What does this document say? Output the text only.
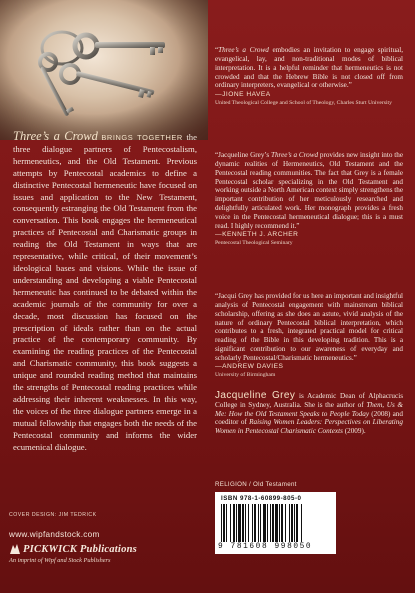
Three’s a Crowd BRINGS TOGETHER the three dialogue partners of Pentecostalism, hermeneutics, and the Old Testament. Previous attempts by Pentecostal academics to define a distinctive Pentecostal hermeneutic have focused on issues and application to the New Testament, consequently estranging the Old Testament from the conversation. This book engages the hermeneutical practices of Pentecostal and Charismatic groups in reading the Old Testament in ways that are representative, while critical, of their movement’s ideological bases and visions. While the issue of understanding and developing a viable Pentecostal hermeneutic has continued to be debated within the academic journals of the community for over a decade, most discussion has focused on the prescription of ideals rather than on the actual practice of the contemporary community. By examining the reading practices of the Pentecostal and Charismatic community, this book suggests a unique and rounded reading method that maintains the strengths of Pentecostal reading practices while addressing their inherent weaknesses. In this way, the voices of the three dialogue partners emerge in a mutual fellowship that engages both the needs of the Pentecostal community and informs the wider ecumenical dialogue.
COVER DESIGN: JIM TEDRICK
www.wipfandstock.com
PICKWICK Publications
An imprint of Wipf and Stock Publishers

“Three’s a Crowd embodies an invitation to engage spiritual, evangelical, lay, and non-traditional modes of biblical interpretation. It is a helpful reminder that hermeneutics is not crowded and that the Hebrew Bible is not closed off from ordinary interpreters, evangelical or otherwise.”

—JIONE HAVEA
United Theological College and School of Theology, Charles Sturt University

“Jacqueline Grey’s Three’s a Crowd provides new insight into the dynamic realities of Hermeneutics, Old Testament and the Pentecostal reading communities. The fact that Grey is a female Pentecostal scholar specializing in the Old Testament and working outside a North American context simply strengthens the important contribution of her meticulously researched and delightfully articulated work. Her monograph provides a fresh voice in the Pentecostal hermeneutical dialogue; this is a must read. I highly recommend it.”

—KENNETH J. ARCHER
Pentecostal Theological Seminary

“Jacqui Grey has provided for us here an important and insightful analysis of Pentecostal engagement with mainstream biblical scholarship, offering as she does an astute, vivid analysis of the nature of ordinary Pentecostal biblical interpretation, which contributes to a fresh, integrated practical model for critical reading of the Bible in this developing tradition. This is a significant contribution to our awareness of everyday and scholarly Pentecostal/Charismatic hermeneutics.”

—ANDREW DAVIES
University of Birmingham
Jacqueline Grey is Academic Dean of Alphacrucis College in Sydney, Australia. She is the author of Them, Us & Me: How the Old Testament Speaks to People Today (2008) and coeditor of Raising Women Leaders: Perspectives on Liberating Women in Pentecostal Charismatic Contexts (2009).
RELIGION / Old Testament
ISBN 978-1-60899-805-0
9 781608 998050
